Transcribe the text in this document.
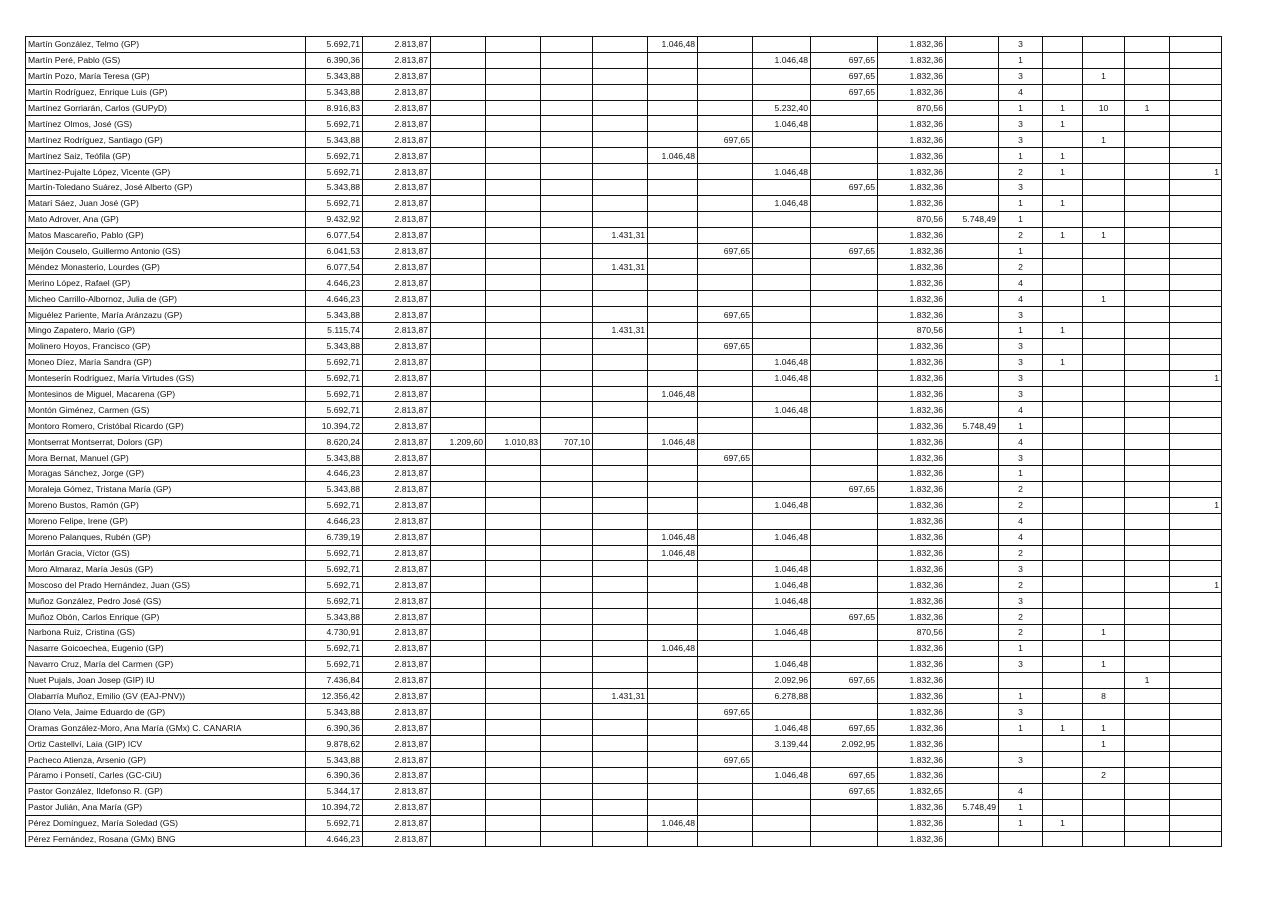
Martín González, Telmo (GP)	5.692,71	2.813,87					1.046,48				1.832,36		3				
Martín Peré, Pablo (GS)	6.390,36	2.813,87							1.046,48	697,65	1.832,36		1				
Martín Pozo, María Teresa (GP)	5.343,88	2.813,87								697,65	1.832,36		3		1		
Martín Rodríguez, Enrique Luis (GP)	5.343,88	2.813,87								697,65	1.832,36		4				
Martínez Gorriarán, Carlos (GUPyD)	8.916,83	2.813,87							5.232,40		870,56		1	1	10	1	
Martínez Olmos, José (GS)	5.692,71	2.813,87							1.046,48		1.832,36		3	1			
Martínez Rodríguez, Santiago (GP)	5.343,88	2.813,87						697,65			1.832,36		3		1		
Martínez Saiz, Teófila (GP)	5.692,71	2.813,87					1.046,48				1.832,36		1	1			
Martínez-Pujalte López, Vicente (GP)	5.692,71	2.813,87							1.046,48		1.832,36		2	1			1
Martín-Toledano Suárez, José Alberto (GP)	5.343,88	2.813,87								697,65	1.832,36		3				
Matarí Sáez, Juan José (GP)	5.692,71	2.813,87							1.046,48		1.832,36		1	1			
Mato Adrover, Ana (GP)	9.432,92	2.813,87									870,56	5.748,49	1				
Matos Mascareño, Pablo (GP)	6.077,54	2.813,87				1.431,31					1.832,36		2	1	1		
Meijón Couselo, Guillermo Antonio (GS)	6.041,53	2.813,87						697,65		697,65	1.832,36		1				
Méndez Monasterio, Lourdes (GP)	6.077,54	2.813,87				1.431,31					1.832,36		2				
Merino López, Rafael (GP)	4.646,23	2.813,87									1.832,36		4				
Micheo Carrillo-Albornoz, Julia de (GP)	4.646,23	2.813,87									1.832,36		4		1		
Miguélez Pariente, María Aránzazu (GP)	5.343,88	2.813,87						697,65			1.832,36		3				
Mingo Zapatero, Mario (GP)	5.115,74	2.813,87				1.431,31					870,56		1	1			
Molinero Hoyos, Francisco (GP)	5.343,88	2.813,87						697,65			1.832,36		3				
Moneo Díez, María Sandra (GP)	5.692,71	2.813,87							1.046,48		1.832,36		3	1			
Monteserín Rodríguez, María Virtudes (GS)	5.692,71	2.813,87							1.046,48		1.832,36		3				1
Montesinos de Miguel, Macarena (GP)	5.692,71	2.813,87					1.046,48				1.832,36		3				
Montón Giménez, Carmen (GS)	5.692,71	2.813,87							1.046,48		1.832,36		4				
Montoro Romero, Cristóbal Ricardo (GP)	10.394,72	2.813,87									1.832,36	5.748,49	1				
Montserrat Montserrat, Dolors (GP)	8.620,24	2.813,87	1.209,60	1.010,83	707,10		1.046,48				1.832,36		4				
Mora Bernat, Manuel (GP)	5.343,88	2.813,87						697,65			1.832,36		3				
Moragas Sánchez, Jorge (GP)	4.646,23	2.813,87									1.832,36		1				
Moraleja Gómez, Tristana María (GP)	5.343,88	2.813,87								697,65	1.832,36		2				
Moreno Bustos, Ramón (GP)	5.692,71	2.813,87							1.046,48		1.832,36		2				1
Moreno Felipe, Irene (GP)	4.646,23	2.813,87									1.832,36		4				
Moreno Palanques, Rubén (GP)	6.739,19	2.813,87					1.046,48		1.046,48		1.832,36		4				
Morlán Gracia, Víctor (GS)	5.692,71	2.813,87					1.046,48				1.832,36		2				
Moro Almaraz, María Jesús (GP)	5.692,71	2.813,87							1.046,48		1.832,36		3				
Moscoso del Prado Hernández, Juan (GS)	5.692,71	2.813,87							1.046,48		1.832,36		2				1
Muñoz González, Pedro José (GS)	5.692,71	2.813,87							1.046,48		1.832,36		3				
Muñoz Obón, Carlos Enrique (GP)	5.343,88	2.813,87								697,65	1.832,36		2				
Narbona Ruiz, Cristina (GS)	4.730,91	2.813,87							1.046,48		870,56		2		1		
Nasarre Goicoechea, Eugenio (GP)	5.692,71	2.813,87					1.046,48				1.832,36		1				
Navarro Cruz, María del Carmen (GP)	5.692,71	2.813,87							1.046,48		1.832,36		3		1		
Nuet Pujals, Joan Josep (GIP) IU	7.436,84	2.813,87							2.092,96	697,65	1.832,36					1	
Olabarría Muñoz, Emilio (GV (EAJ-PNV))	12.356,42	2.813,87				1.431,31			6.278,88		1.832,36		1		8		
Olano Vela, Jaime Eduardo de (GP)	5.343,88	2.813,87						697,65			1.832,36		3				
Oramas González-Moro, Ana María (GMx) C. CANARIA	6.390,36	2.813,87							1.046,48	697,65	1.832,36		1	1	1		
Ortiz Castellví, Laia (GIP) ICV	9.878,62	2.813,87							3.139,44	2.092,95	1.832,36				1		
Pacheco Atienza, Arsenio (GP)	5.343,88	2.813,87						697,65			1.832,36		3				
Páramo i Ponsetí, Carles (GC-CiU)	6.390,36	2.813,87							1.046,48	697,65	1.832,36				2		
Pastor González, Ildefonso R. (GP)	5.344,17	2.813,87								697,65	1.832,65		4				
Pastor Julián, Ana María (GP)	10.394,72	2.813,87									1.832,36	5.748,49	1				
Pérez Domínguez, María Soledad (GS)	5.692,71	2.813,87					1.046,48				1.832,36		1	1			
Pérez Fernández, Rosana (GMx) BNG	4.646,23	2.813,87									1.832,36						
